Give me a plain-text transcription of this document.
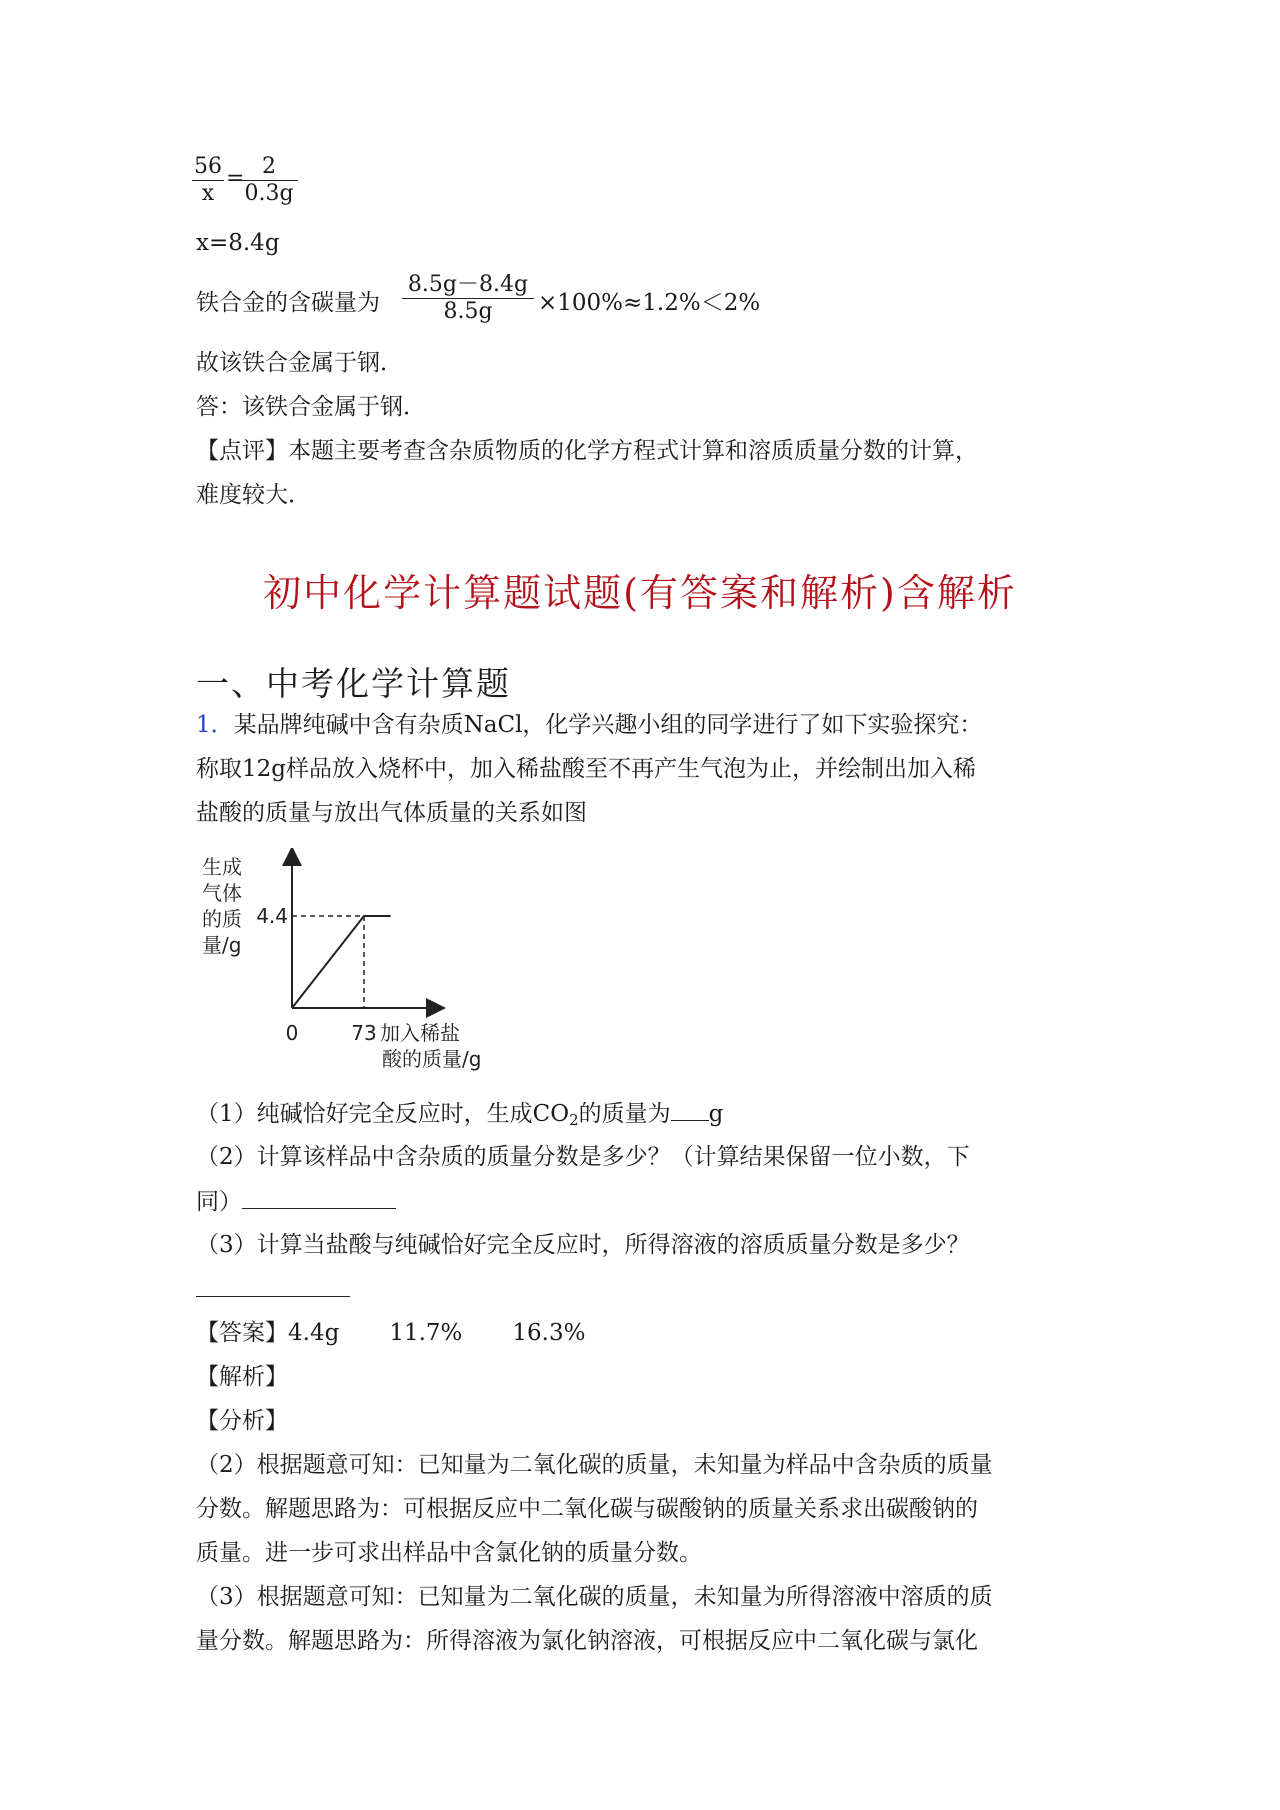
$\frac{56}{x}$ =
$\frac{2}{0.3g}$
x=8.4g
铁合金的含碳量为 $\frac{8.5g-8.4g}{8.5g} \times 100\%\approx 1.2\%<2\%$
故该铁合金属于钢．
答：该铁合金属于钢．
【点评】本题主要考查含杂质物质的化学方程式计算和溶质质量分数的计算，
难度较大．
初中化学计算题试题(有答案和解析)含解析
一、中考化学计算题
1．某品牌纯碱中含有杂质NaCl，化学兴趣小组的同学进行了如下实验探究：
称取12g样品放入烧杯中，加入稀盐酸至不再产生气泡为止，并绘制出加入稀
盐酸的质量与放出气体质量的关系如图
生成
气体
的质
量/g
4.4
0	73 加入稀盐
酸的质量/g
（1）纯碱恰好完全反应时，生成$CO_2$的质量为 g
（2）计算该样品中含杂质的质量分数是多少？（计算结果保留一位小数，下
同）
（3）计算当盐酸与纯碱恰好完全反应时，所得溶液的溶质质量分数是多少？
【答案】4.4g 11.7% 16.3%
【解析】
【分析】
（2）根据题意可知：已知量为二氧化碳的质量，未知量为样品中含杂质的质量
分数。解题思路为：可根据反应中二氧化碳与碳酸钠的质量关系求出碳酸钠的
质量。进一步可求出样品中含氯化钠的质量分数。
（3）根据题意可知：已知量为二氧化碳的质量，未知量为所得溶液中溶质的质
量分数。解题思路为：所得溶液为氯化钠溶液，可根据反应中二氧化碳与氯化
